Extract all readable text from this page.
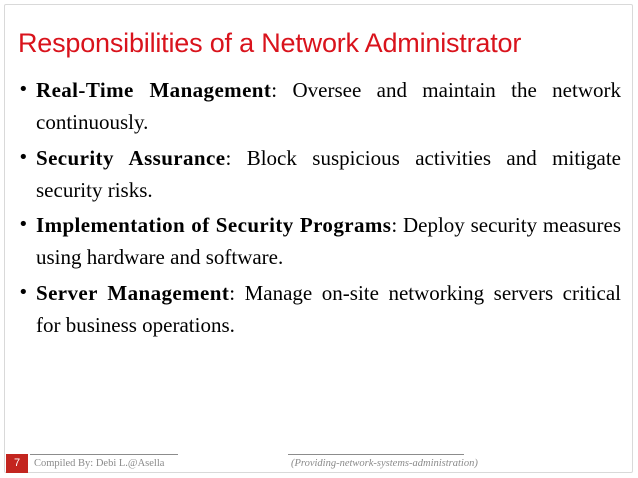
Responsibilities of a Network Administrator
• Real-Time Management: Oversee and maintain the network continuously.
• Security Assurance: Block suspicious activities and mitigate security risks.
• Implementation of Security Programs: Deploy security measures using hardware and software.
• Server Management: Manage on-site networking servers critical for business operations.
7	Compiled By: Debi L.@Asella	(Providing-network-systems-administration)
